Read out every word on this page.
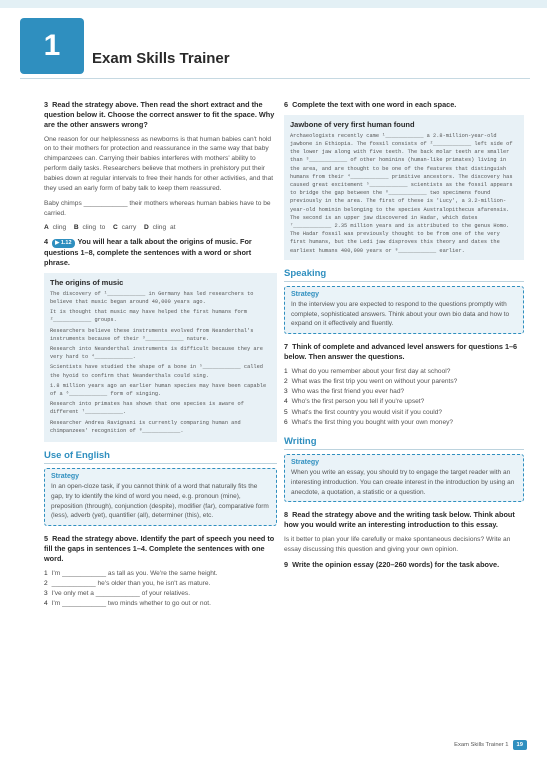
1 Exam Skills Trainer
3 Read the strategy above. Then read the short extract and the question below it. Choose the correct answer to fit the space. Why are the other answers wrong?
One reason for our helplessness as newborns is that human babies can't hold on to their mothers for protection and reassurance in the same way that baby chimpanzees can. Carrying their babies interferes with mothers' ability to perform daily tasks. Researchers believe that mothers in prehistory put their babies down at regular intervals to free their hands for other activities, and that they used an early form of baby talk to keep them reassured.
Baby chimps ____________ their mothers whereas human babies have to be carried.
A cling B cling to C carry D cling at
4 ▶ 1.12 You will hear a talk about the origins of music. For questions 1–8, complete the sentences with a word or short phrase.
The origins of music
The discovery of ¹____________ in Germany has led researchers to believe that music began around 40,000 years ago.
It is thought that music may have helped the first humans form ²____________ groups.
Researchers believe these instruments evolved from Neanderthal's instruments because of their ³____________ nature.
Research into Neanderthal instruments is difficult because they are very hard to ⁴____________.
Scientists have studied the shape of a bone in ⁵____________ called the hyoid to confirm that Neanderthals could sing.
1.8 million years ago an earlier human species may have been capable of a ⁶____________ form of singing.
Research into primates has shown that one species is aware of different ⁷____________.
Researcher Andrea Ravignani is currently comparing human and chimpanzees' recognition of ⁸____________.
Use of English
Strategy
In an open-cloze task, if you cannot think of a word that naturally fits the gap, try to identify the kind of word you need, e.g. pronoun (mine), preposition (through), conjunction (despite), modifier (far), comparative form (less), adverb (yet), quantifier (all), determiner (this), etc.
5 Read the strategy above. Identify the part of speech you need to fill the gaps in sentences 1–4. Complete the sentences with one word.
1 I'm ____________ as tall as you. We're the same height.
2 ____________ he's older than you, he isn't as mature.
3 I've only met a ____________ of your relatives.
4 I'm ____________ two minds whether to go out or not.
6 Complete the text with one word in each space.
Jawbone of very first human found
Archaeologists recently came ¹____________ a 2.8-million-year-old jawbone in Ethiopia. The fossil consists of ²____________ left side of the lower jaw along with five teeth. The back molar teeth are smaller than ³____________ of other hominins (human-like primates) living in the area, and are thought to be one of the features that distinguish humans from their ⁴____________ primitive ancestors. The discovery has caused great excitement ⁵____________ scientists as the fossil appears to bridge the gap between the ⁶____________ two specimens found previously in the area. The first of these is 'Lucy', a 3.2-million-year-old hominin belonging to the species Australopithecus afarensis. The second is an upper jaw discovered in Hadar, which dates ⁷____________ 2.35 million years and is attributed to the genus Homo. The Hadar fossil was previously thought to be from one of the very first humans, but the Ledi jaw disproves this theory and dates the earliest humans 400,000 years or ⁸____________ earlier.
Speaking
Strategy
In the interview you are expected to respond to the questions promptly with complete, sophisticated answers. Think about your own bio data and how to expand on it effectively and fluently.
7 Think of complete and advanced level answers for questions 1–6 below. Then answer the questions.
1 What do you remember about your first day at school?
2 What was the first trip you went on without your parents?
3 Who was the first friend you ever had?
4 Who's the first person you tell if you're upset?
5 What's the first country you would visit if you could?
6 What's the first thing you bought with your own money?
Writing
Strategy
When you write an essay, you should try to engage the target reader with an interesting introduction. You can create interest in the introduction by using an anecdote, a quotation, a statistic or a question.
8 Read the strategy above and the writing task below. Think about how you would write an interesting introduction to this essay.
Is it better to plan your life carefully or make spontaneous decisions? Write an essay discussing this question and giving your own opinion.
9 Write the opinion essay (220–260 words) for the task above.
Exam Skills Trainer 1	19
